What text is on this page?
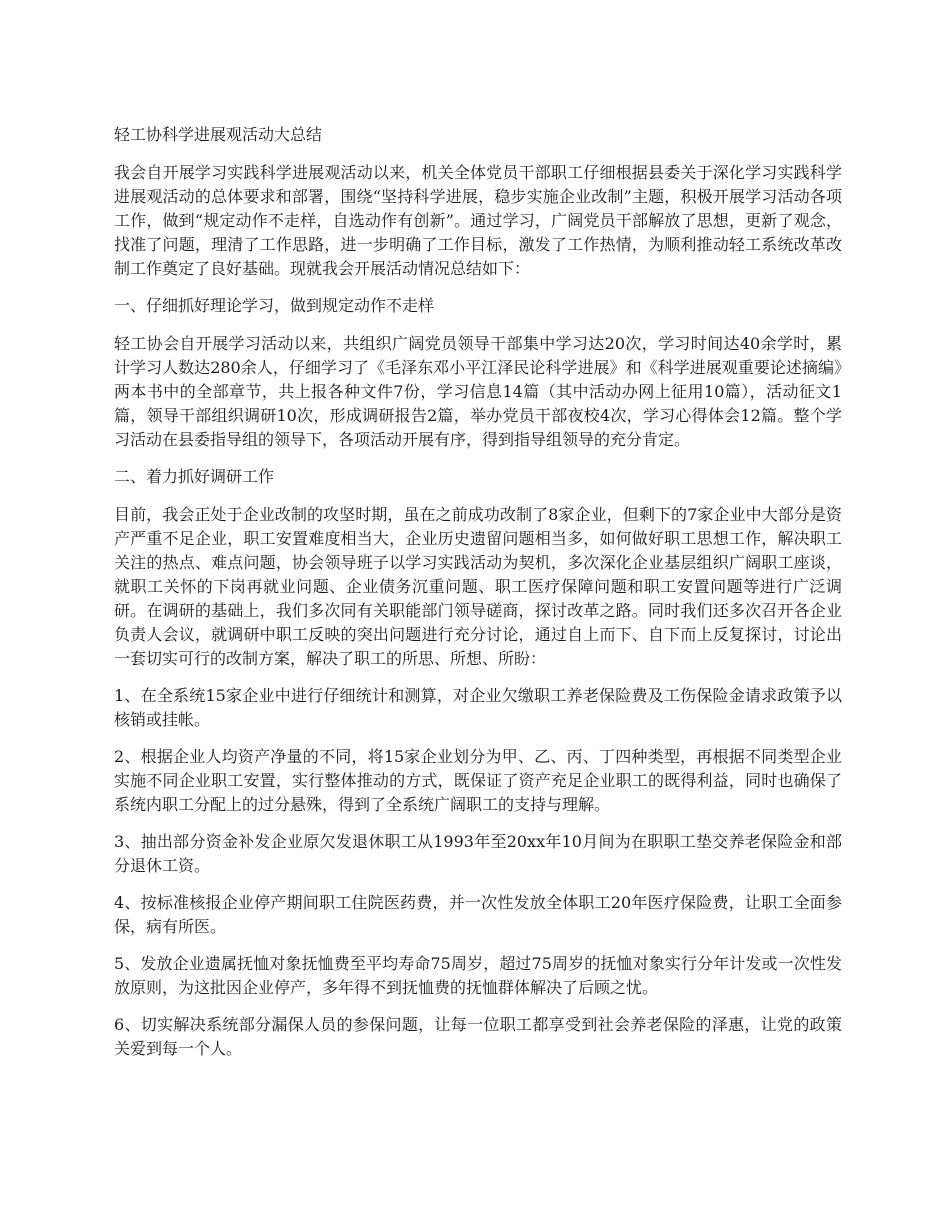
轻工协科学进展观活动大总结

我会自开展学习实践科学进展观活动以来，机关全体党员干部职工仔细根据县委关于深化学习实践科学进展观活动的总体要求和部署，围绕“坚持科学进展，稳步实施企业改制”主题，积极开展学习活动各项工作，做到“规定动作不走样，自选动作有创新”。通过学习，广阔党员干部解放了思想，更新了观念，找准了问题，理清了工作思路，进一步明确了工作目标，激发了工作热情，为顺利推动轻工系统改革改制工作奠定了良好基础。现就我会开展活动情况总结如下：

一、仔细抓好理论学习，做到规定动作不走样

轻工协会自开展学习活动以来，共组织广阔党员领导干部集中学习达20次，学习时间达40余学时，累计学习人数达280余人，仔细学习了《毛泽东邓小平江泽民论科学进展》和《科学进展观重要论述摘编》两本书中的全部章节，共上报各种文件7份，学习信息14篇（其中活动办网上征用10篇），活动征文1篇，领导干部组织调研10次，形成调研报告2篇，举办党员干部夜校4次，学习心得体会12篇。整个学习活动在县委指导组的领导下，各项活动开展有序，得到指导组领导的充分肯定。

二、着力抓好调研工作

目前，我会正处于企业改制的攻坚时期，虽在之前成功改制了8家企业，但剩下的7家企业中大部分是资产严重不足企业，职工安置难度相当大，企业历史遗留问题相当多，如何做好职工思想工作，解决职工关注的热点、难点问题，协会领导班子以学习实践活动为契机，多次深化企业基层组织广阔职工座谈，就职工关怀的下岗再就业问题、企业债务沉重问题、职工医疗保障问题和职工安置问题等进行广泛调研。在调研的基础上，我们多次同有关职能部门领导磋商，探讨改革之路。同时我们还多次召开各企业负责人会议，就调研中职工反映的突出问题进行充分讨论，通过自上而下、自下而上反复探讨，讨论出一套切实可行的改制方案，解决了职工的所思、所想、所盼：

1、在全系统15家企业中进行仔细统计和测算，对企业欠缴职工养老保险费及工伤保险金请求政策予以核销或挂帐。

2、根据企业人均资产净量的不同，将15家企业划分为甲、乙、丙、丁四种类型，再根据不同类型企业实施不同企业职工安置，实行整体推动的方式，既保证了资产充足企业职工的既得利益，同时也确保了系统内职工分配上的过分悬殊，得到了全系统广阔职工的支持与理解。

3、抽出部分资金补发企业原欠发退休职工从1993年至20xx年10月间为在职职工垫交养老保险金和部分退休工资。

4、按标准核报企业停产期间职工住院医药费，并一次性发放全体职工20年医疗保险费，让职工全面参保，病有所医。

5、发放企业遗属抚恤对象抚恤费至平均寿命75周岁，超过75周岁的抚恤对象实行分年计发或一次性发放原则，为这批因企业停产，多年得不到抚恤费的抚恤群体解决了后顾之忧。

6、切实解决系统部分漏保人员的参保问题，让每一位职工都享受到社会养老保险的泽惠，让党的政策关爱到每一个人。
